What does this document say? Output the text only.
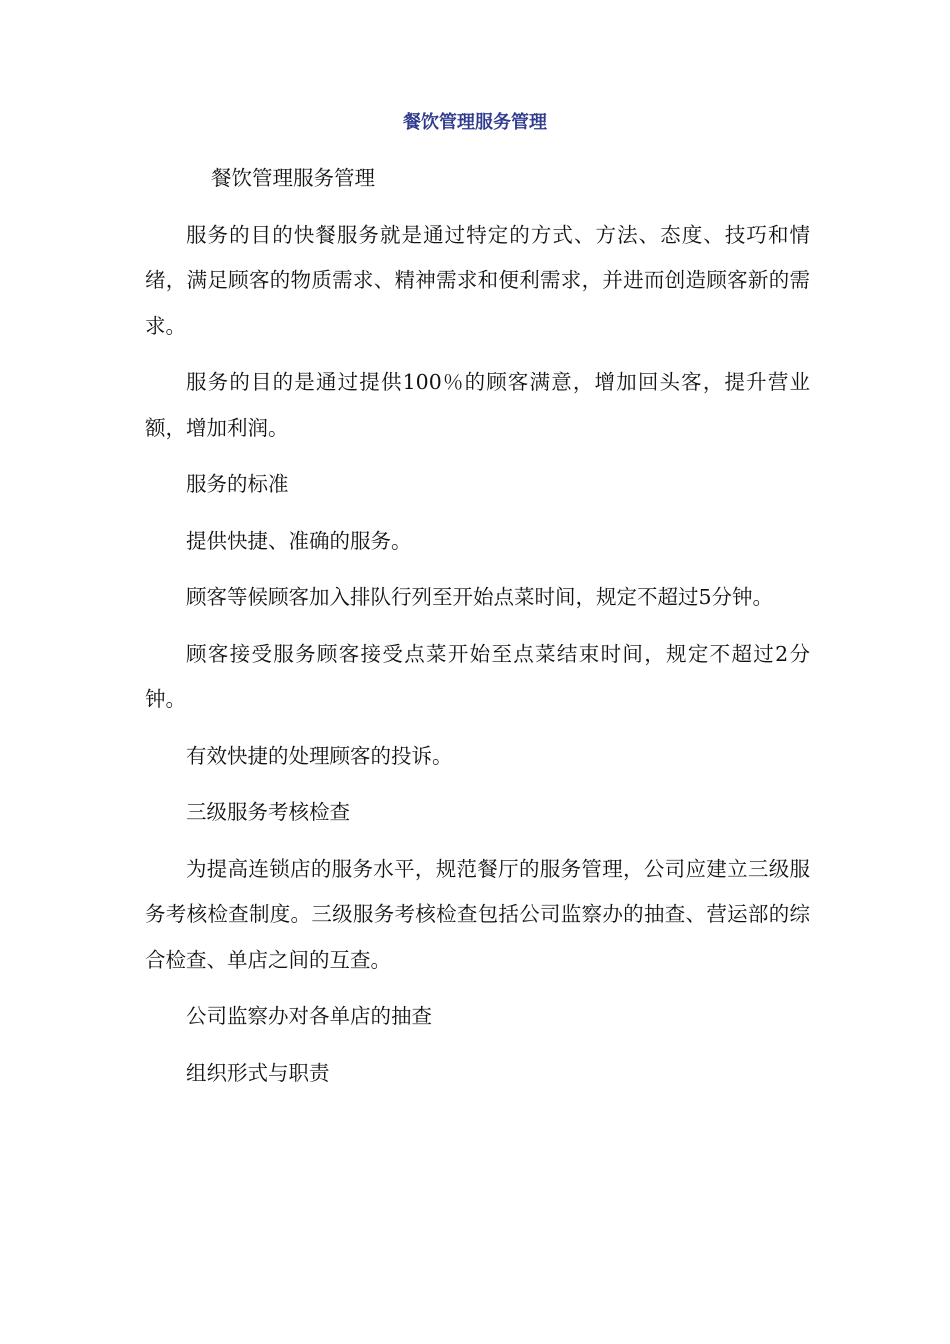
餐饮管理服务管理

餐饮管理服务管理

服务的目的快餐服务就是通过特定的方式、方法、态度、技巧和情绪，满足顾客的物质需求、精神需求和便利需求，并进而创造顾客新的需求。

服务的目的是通过提供100％的顾客满意，增加回头客，提升营业额，增加利润。

服务的标准

提供快捷、准确的服务。

顾客等候顾客加入排队行列至开始点菜时间，规定不超过5分钟。

顾客接受服务顾客接受点菜开始至点菜结束时间，规定不超过2分钟。

有效快捷的处理顾客的投诉。

三级服务考核检查

为提高连锁店的服务水平，规范餐厅的服务管理，公司应建立三级服务考核检查制度。三级服务考核检查包括公司监察办的抽查、营运部的综合检查、单店之间的互查。

公司监察办对各单店的抽查

组织形式与职责
